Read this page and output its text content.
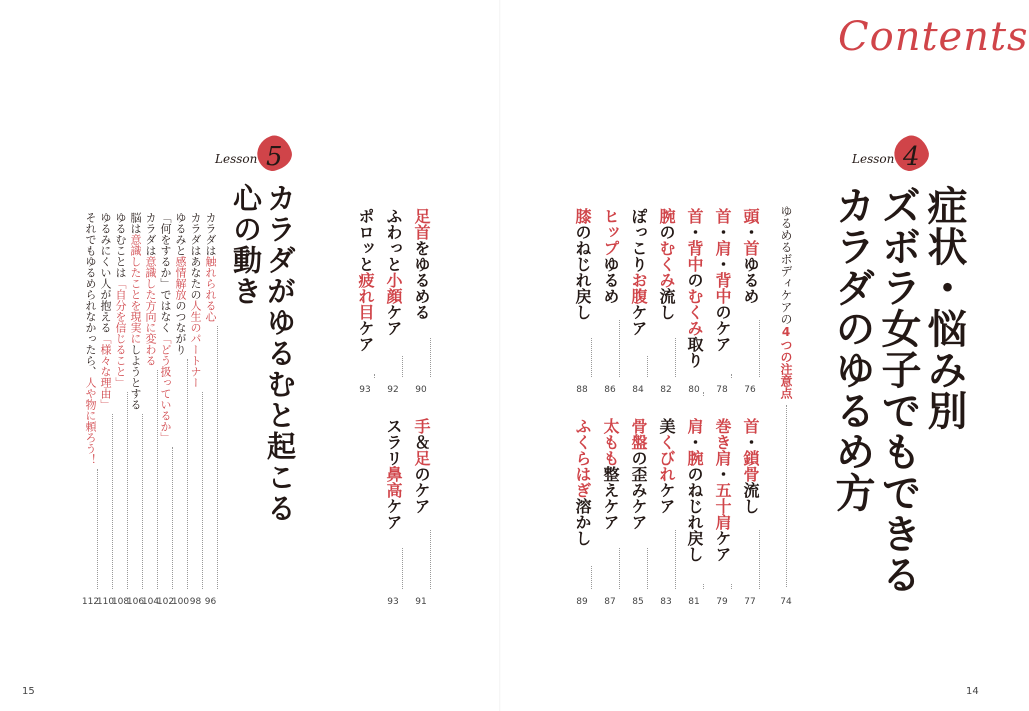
Contents
Lesson 4
症状・悩み別
ズボラ女子でもできる
カラダのゆるめ方
ゆるめるボディケアの4つの注意点
74
頭・首ゆるめ
76
首・鎖骨流し
77
首・肩・背中のケア
78
巻き肩・五十肩ケア
79
首・背中のむくみ取り
80
肩・腕のねじれ戻し
81
腕のむくみ流し
82
美くびれケア
83
ぽっこりお腹ケア
84
骨盤の歪みケア
85
ヒップゆるめ
86
太もも整えケア
87
膝のねじれ戻し
88
ふくらはぎ溶かし
89
足首をゆるめる
90
手＆足のケア
91
ふわっと小顔ケア
92
スラリ鼻高ケア
93
ポロッと疲れ目ケア
93
Lesson 5
カラダがゆるむと起こる
心の動き
カラダは触れられる心
96
カラダはあなたの人生のパートナー
98
ゆるみと感情解放のつながり
100
「何をするか」ではなく「どう扱っているか」
102
カラダは意識した方向に変わる
104
脳は意識したことを現実にしようとする
106
ゆるむことは「自分を信じること」
108
ゆるみにくい人が抱える「様々な理由」
110
それでもゆるめられなかったら、人や物に頼ろう！
112
15	14
